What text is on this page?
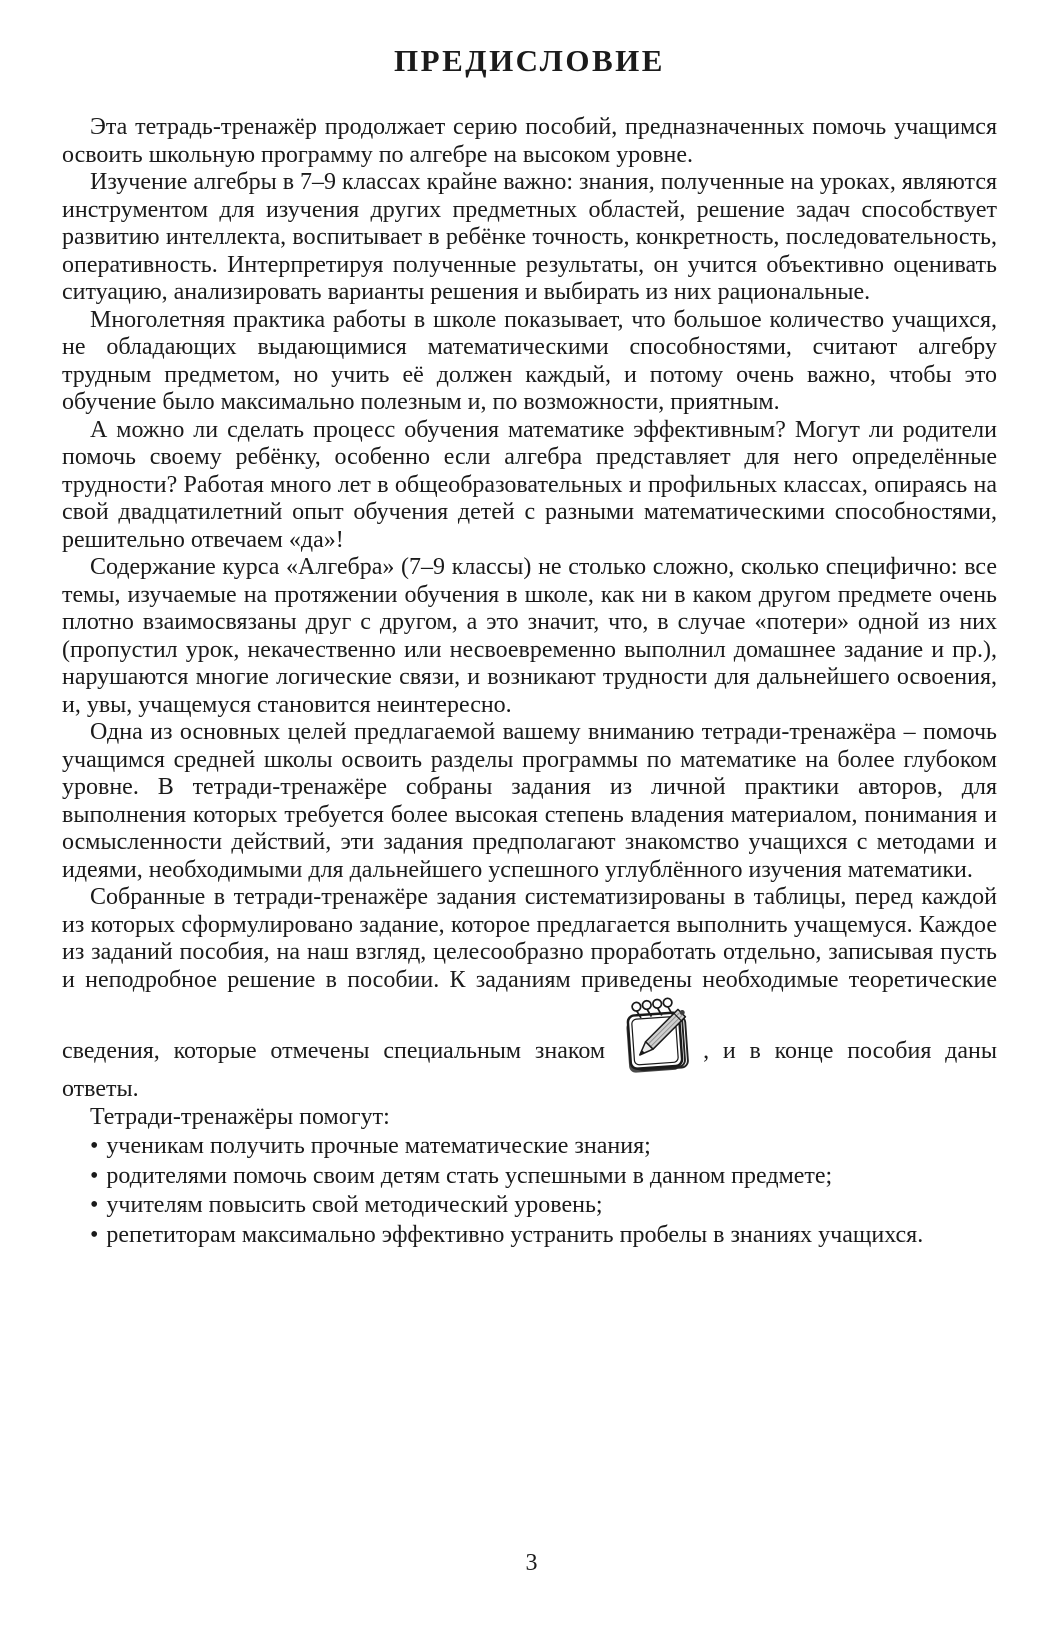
ПРЕДИСЛОВИЕ

Эта тетрадь-тренажёр продолжает серию пособий, предназначенных помочь учащимся освоить школьную программу по алгебре на высоком уровне.

Изучение алгебры в 7–9 классах крайне важно: знания, полученные на уроках, являются инструментом для изучения других предметных областей, решение задач способствует развитию интеллекта, воспитывает в ребёнке точность, конкретность, последовательность, оперативность. Интерпретируя полученные результаты, он учится объективно оценивать ситуацию, анализировать варианты решения и выбирать из них рациональные.

Многолетняя практика работы в школе показывает, что большое количество учащихся, не обладающих выдающимися математическими способностями, считают алгебру трудным предметом, но учить её должен каждый, и потому очень важно, чтобы это обучение было максимально полезным и, по возможности, приятным.

А можно ли сделать процесс обучения математике эффективным? Могут ли родители помочь своему ребёнку, особенно если алгебра представляет для него определённые трудности? Работая много лет в общеобразовательных и профильных классах, опираясь на свой двадцатилетний опыт обучения детей с разными математическими способностями, решительно отвечаем «да»!

Содержание курса «Алгебра» (7–9 классы) не столько сложно, сколько специфично: все темы, изучаемые на протяжении обучения в школе, как ни в каком другом предмете очень плотно взаимосвязаны друг с другом, а это значит, что, в случае «потери» одной из них (пропустил урок, некачественно или несвоевременно выполнил домашнее задание и пр.), нарушаются многие логические связи, и возникают трудности для дальнейшего освоения, и, увы, учащемуся становится неинтересно.

Одна из основных целей предлагаемой вашему вниманию тетради-тренажёра – помочь учащимся средней школы освоить разделы программы по математике на более глубоком уровне. В тетради-тренажёре собраны задания из личной практики авторов, для выполнения которых требуется более высокая степень владения материалом, понимания и осмысленности действий, эти задания предполагают знакомство учащихся с методами и идеями, необходимыми для дальнейшего успешного углублённого изучения математики.

Собранные в тетради-тренажёре задания систематизированы в таблицы, перед каждой из которых сформулировано задание, которое предлагается выполнить учащемуся. Каждое из заданий пособия, на наш взгляд, целесообразно проработать отдельно, записывая пусть и неподробное решение в пособии. К заданиям приведены необходимые теоретические сведения, которые отмечены специальным знаком	, и в конце пособия даны ответы.

Тетради-тренажёры помогут:

• ученикам получить прочные математические знания;

• родителями помочь своим детям стать успешными в данном предмете;

• учителям повысить свой методический уровень;

• репетиторам максимально эффективно устранить пробелы в знаниях учащихся.

3
